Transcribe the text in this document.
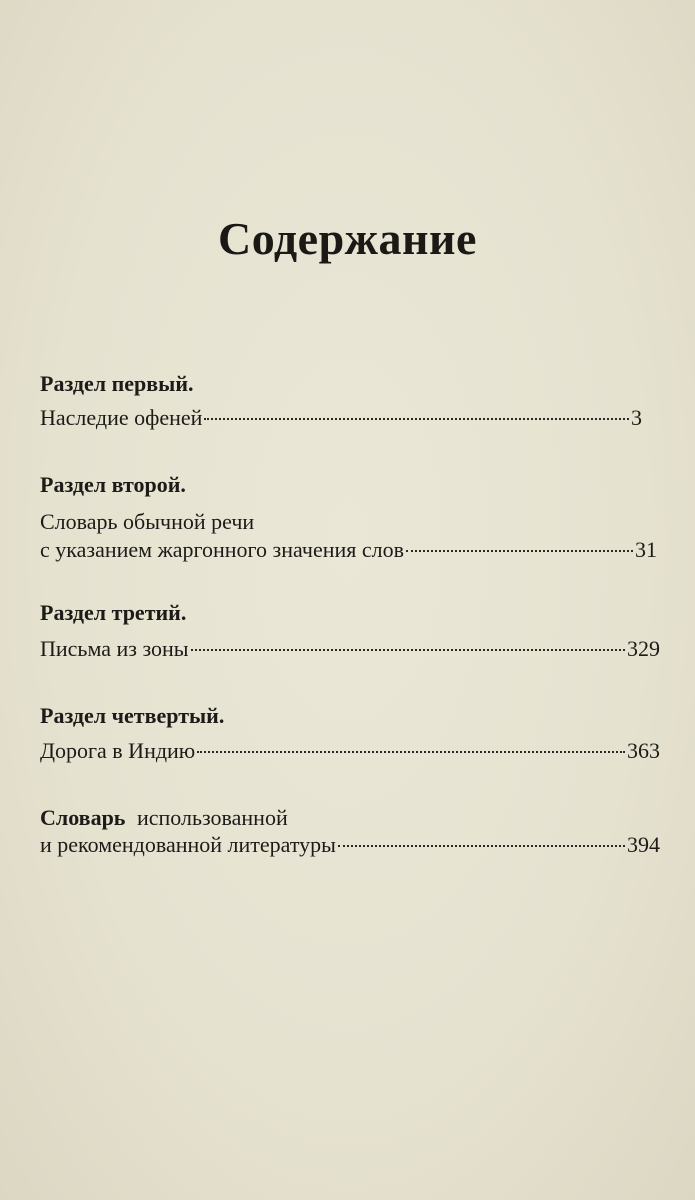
Содержание
Раздел первый.
Наследие офеней	3
Раздел второй.
Словарь обычной речи
с указанием жаргонного значения слов	31
Раздел третий.
Письма из зоны	329
Раздел четвертый.
Дорога в Индию	363
Словарь использованной
и рекомендованной литературы	394
